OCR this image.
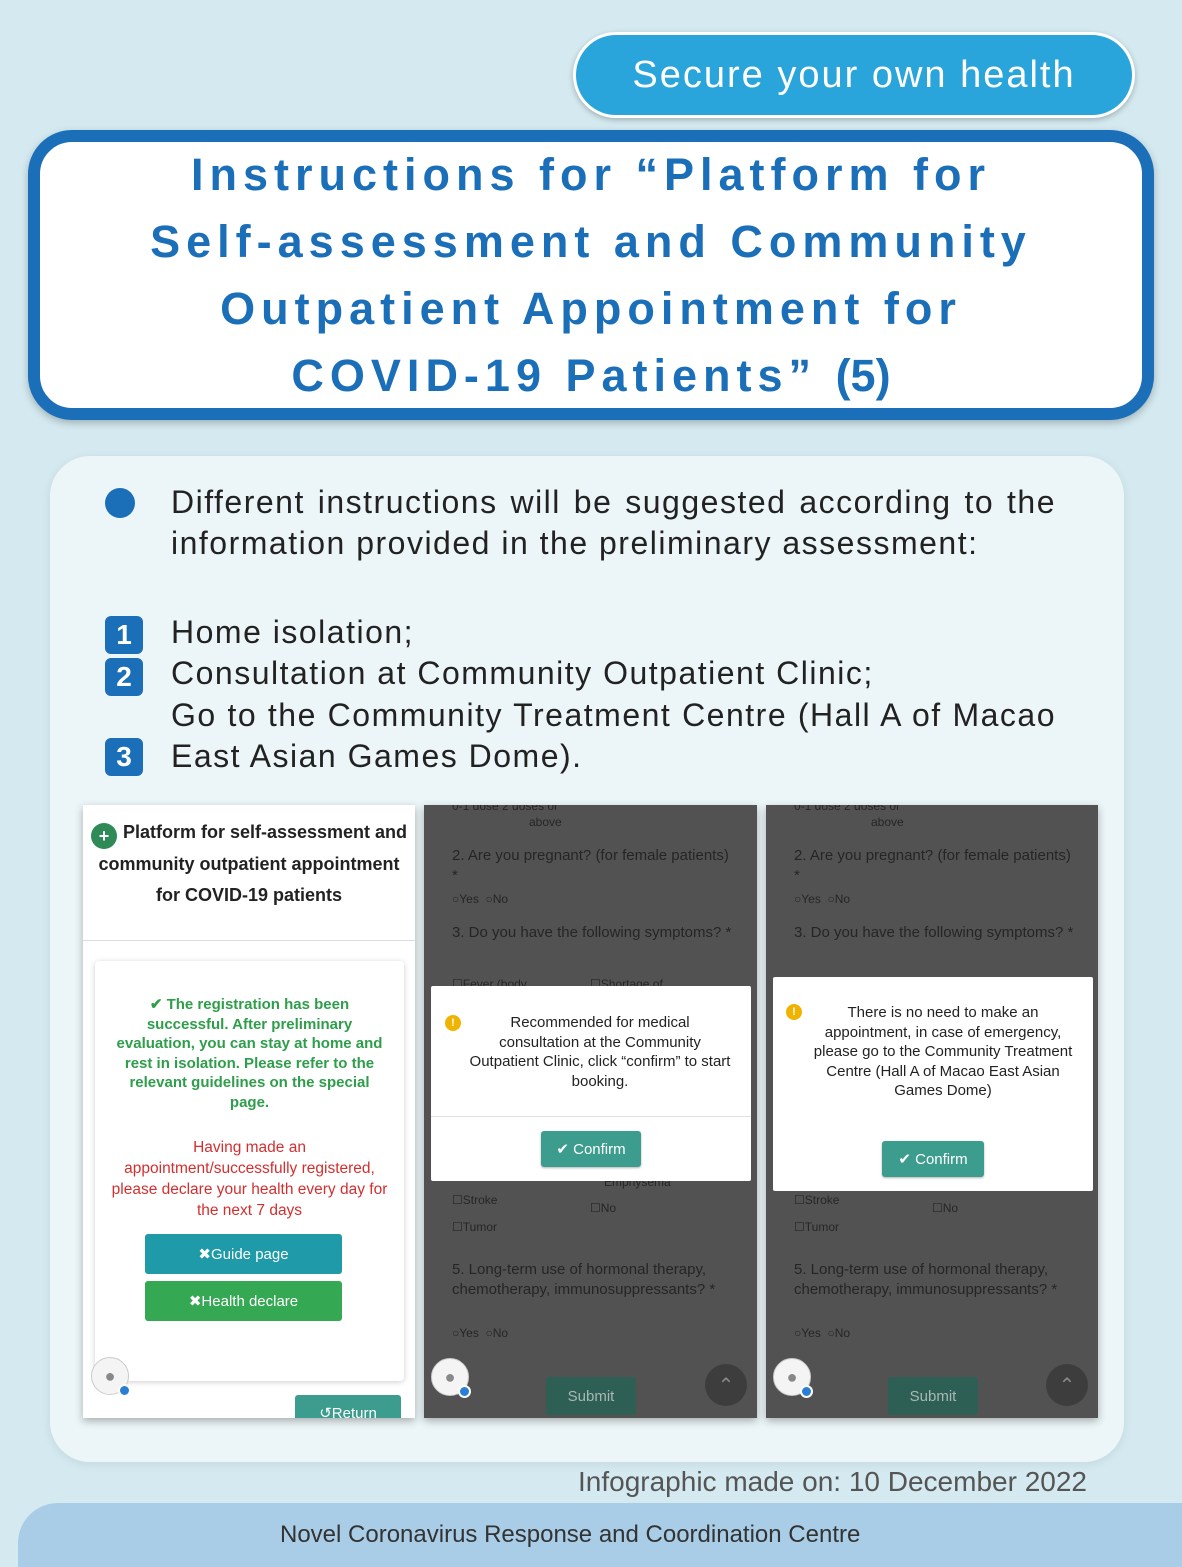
Secure your own health
Instructions for “Platform for
Self-assessment and Community
Outpatient Appointment for
COVID-19 Patients” (5)
Different instructions will be suggested according to the information provided in the preliminary assessment:
1	Home isolation;
2	Consultation at Community Outpatient Clinic;
3
Go to the Community Treatment Centre (Hall A of Macao East Asian Games Dome).
+ Platform for self-assessment and community outpatient appointment for COVID-19 patients
✔ The registration has been successful. After preliminary evaluation, you can stay at home and rest in isolation. Please refer to the relevant guidelines on the special page.
Having made an appointment/successfully registered, please declare your health every day for the next 7 days
✖ Guide page
✖ Health declare
●
↺ Return
●
Submit	⌃
!	Recommended for medical consultation at the Community Outpatient Clinic, click “confirm” to start booking.
✔ Confirm
●
Submit	⌃
!	There is no need to make an appointment, in case of emergency, please go to the Community Treatment Centre (Hall A of Macao East Asian Games Dome)
✔ Confirm
Infographic made on: 10 December 2022
Novel Coronavirus Response and Coordination Centre
